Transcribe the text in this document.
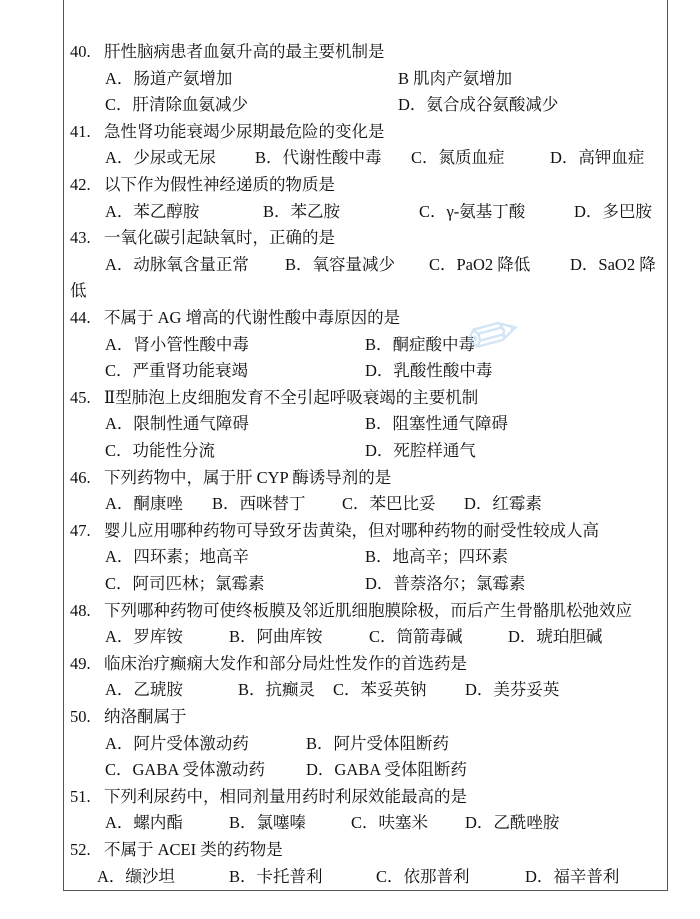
40. 肝性脑病患者血氨升高的最主要机制是
A．肠道产氨增加	B 肌肉产氨增加
C．肝清除血氨减少	D．氨合成谷氨酸减少
41. 急性肾功能衰竭少尿期最危险的变化是
A．少尿或无尿 B．代谢性酸中毒 C．氮质血症	D．高钾血症
42. 以下作为假性神经递质的物质是
A．苯乙醇胺	B．苯乙胺	C．γ-氨基丁酸	D．多巴胺
43. 一氧化碳引起缺氧时，正确的是
A．动脉氧含量正常 B．氧容量减少 C．PaO2 降低 D．SaO2 降
低
44. 不属于 AG 增高的代谢性酸中毒原因的是
A．肾小管性酸中毒	B．酮症酸中毒
C．严重肾功能衰竭	D．乳酸性酸中毒
45. Ⅱ型肺泡上皮细胞发育不全引起呼吸衰竭的主要机制
A．限制性通气障碍	B．阻塞性通气障碍
C．功能性分流	D．死腔样通气
46. 下列药物中，属于肝 CYP 酶诱导剂的是
A．酮康唑 B．西咪替丁 C．苯巴比妥 D．红霉素
47. 婴儿应用哪种药物可导致牙齿黄染，但对哪种药物的耐受性较成人高
A．四环素；地高辛	B．地高辛；四环素
C．阿司匹林；氯霉素	D．普萘洛尔；氯霉素
48. 下列哪种药物可使终板膜及邻近肌细胞膜除极，而后产生骨骼肌松弛效应
A．罗库铵	B．阿曲库铵	C．筒箭毒碱	D．琥珀胆碱
49. 临床治疗癫痫大发作和部分局灶性发作的首选药是
A．乙琥胺	B．抗癫灵 C．苯妥英钠 D．美芬妥英
50. 纳洛酮属于
A．阿片受体激动药	B．阿片受体阻断药
C．GABA 受体激动药 D．GABA 受体阻断药
51. 下列利尿药中，相同剂量用药时利尿效能最高的是
A．螺内酯	B．氯噻嗪	C．呋塞米 D．乙酰唑胺
52. 不属于 ACEI 类的药物是
A．缬沙坦	B．卡托普利	C．依那普利	D．福辛普利
✎
